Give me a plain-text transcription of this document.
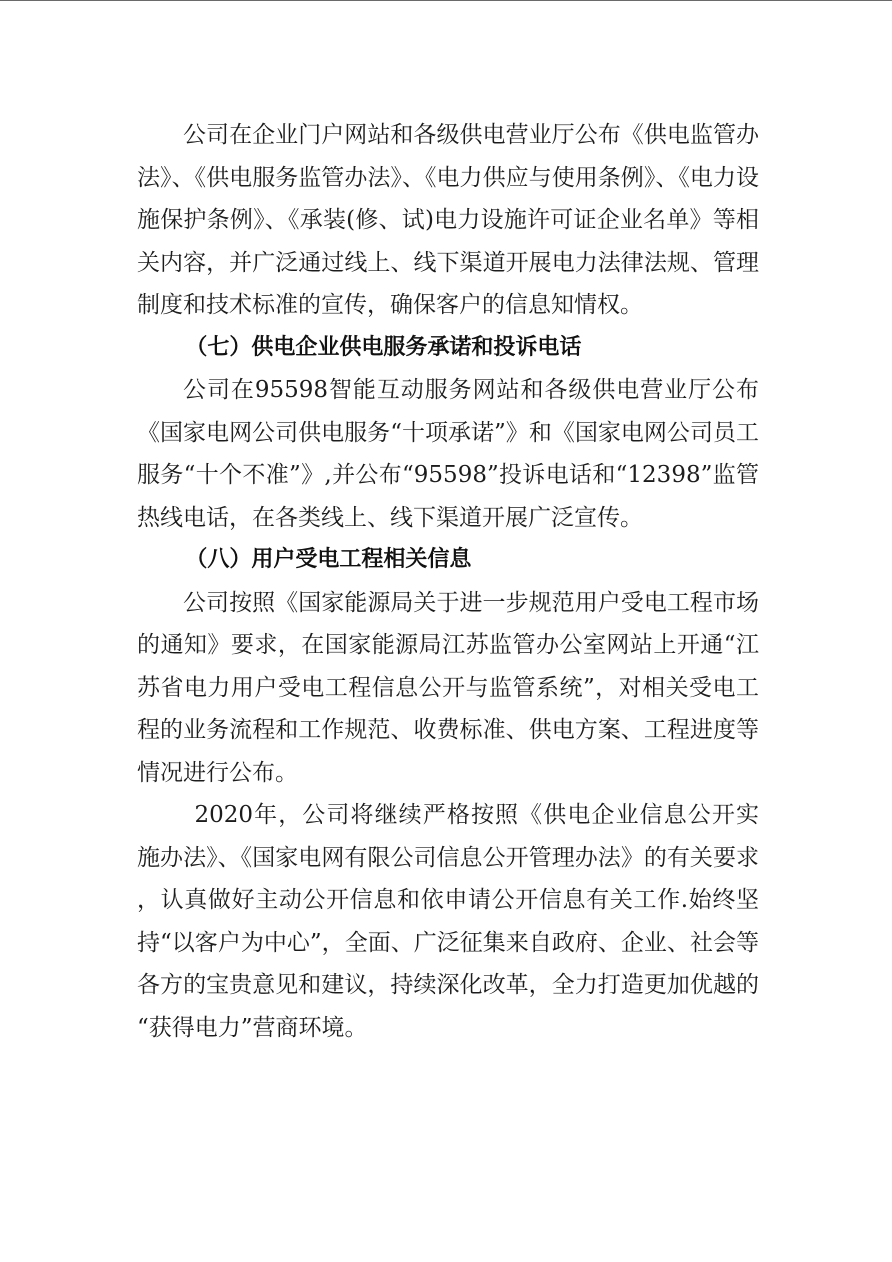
公司在企业门户网站和各级供电营业厅公布《供电监管办法》、《供电服务监管办法》、《电力供应与使用条例》、《电力设施保护条例》、《承装(修、试)电力设施许可证企业名单》等相关内容，并广泛通过线上、线下渠道开展电力法律法规、管理制度和技术标准的宣传，确保客户的信息知情权。

（七）供电企业供电服务承诺和投诉电话

公司在95598智能互动服务网站和各级供电营业厅公布《国家电网公司供电服务“十项承诺”》和《国家电网公司员工服务“十个不准”》,并公布“95598”投诉电话和“12398”监管热线电话，在各类线上、线下渠道开展广泛宣传。

（八）用户受电工程相关信息

公司按照《国家能源局关于进一步规范用户受电工程市场的通知》要求，在国家能源局江苏监管办公室网站上开通“江苏省电力用户受电工程信息公开与监管系统”，对相关受电工程的业务流程和工作规范、收费标准、供电方案、工程进度等情况进行公布。

2020年，公司将继续严格按照《供电企业信息公开实施办法》、《国家电网有限公司信息公开管理办法》的有关要求，认真做好主动公开信息和依申请公开信息有关工作.始终坚持“以客户为中心”，全面、广泛征集来自政府、企业、社会等各方的宝贵意见和建议，持续深化改革，全力打造更加优越的“获得电力”营商环境。
